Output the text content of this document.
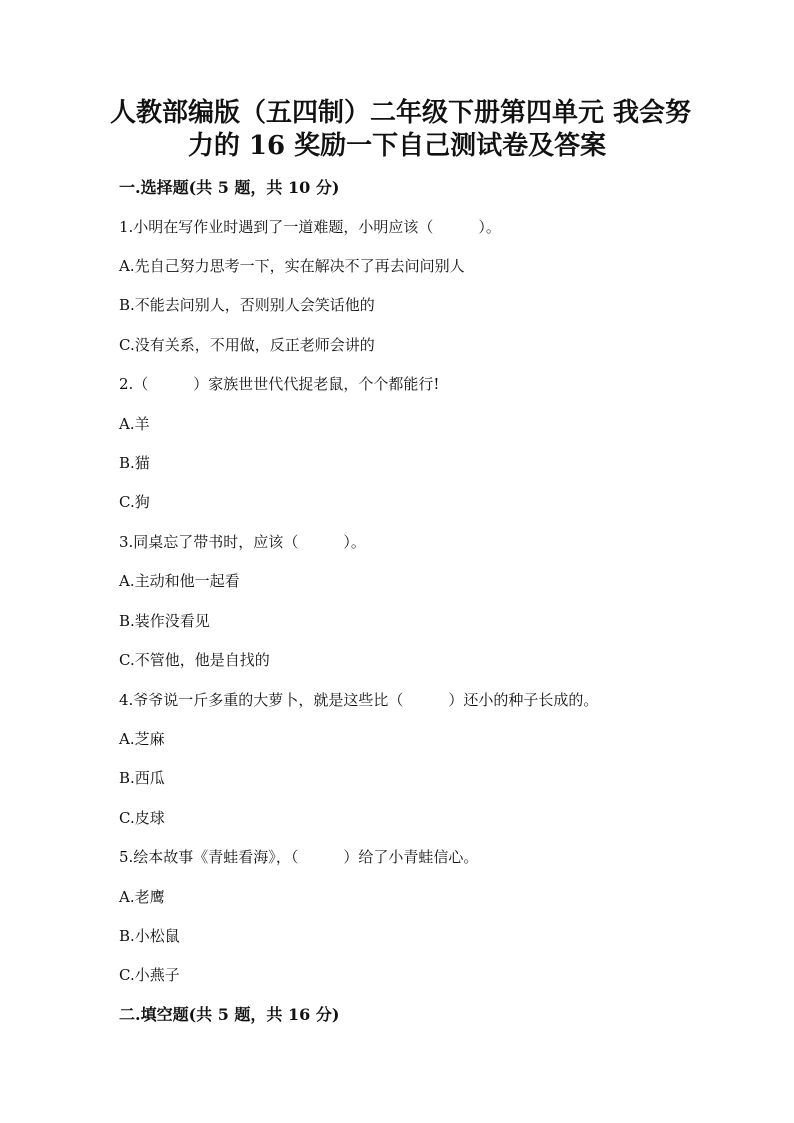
人教部编版（五四制）二年级下册第四单元 我会努
力的 16 奖励一下自己测试卷及答案
一.选择题(共 5 题，共 10 分)
1.小明在写作业时遇到了一道难题，小明应该（　　　）。
A.先自己努力思考一下，实在解决不了再去问问别人
B.不能去问别人，否则别人会笑话他的
C.没有关系，不用做，反正老师会讲的
2.（　　　）家族世世代代捉老鼠，个个都能行!
A.羊
B.猫
C.狗
3.同桌忘了带书时，应该（　　　）。
A.主动和他一起看
B.装作没看见
C.不管他，他是自找的
4.爷爷说一斤多重的大萝卜，就是这些比（　　　）还小的种子长成的。
A.芝麻
B.西瓜
C.皮球
5.绘本故事《青蛙看海》，（　　　）给了小青蛙信心。
A.老鹰
B.小松鼠
C.小燕子
二.填空题(共 5 题，共 16 分)
